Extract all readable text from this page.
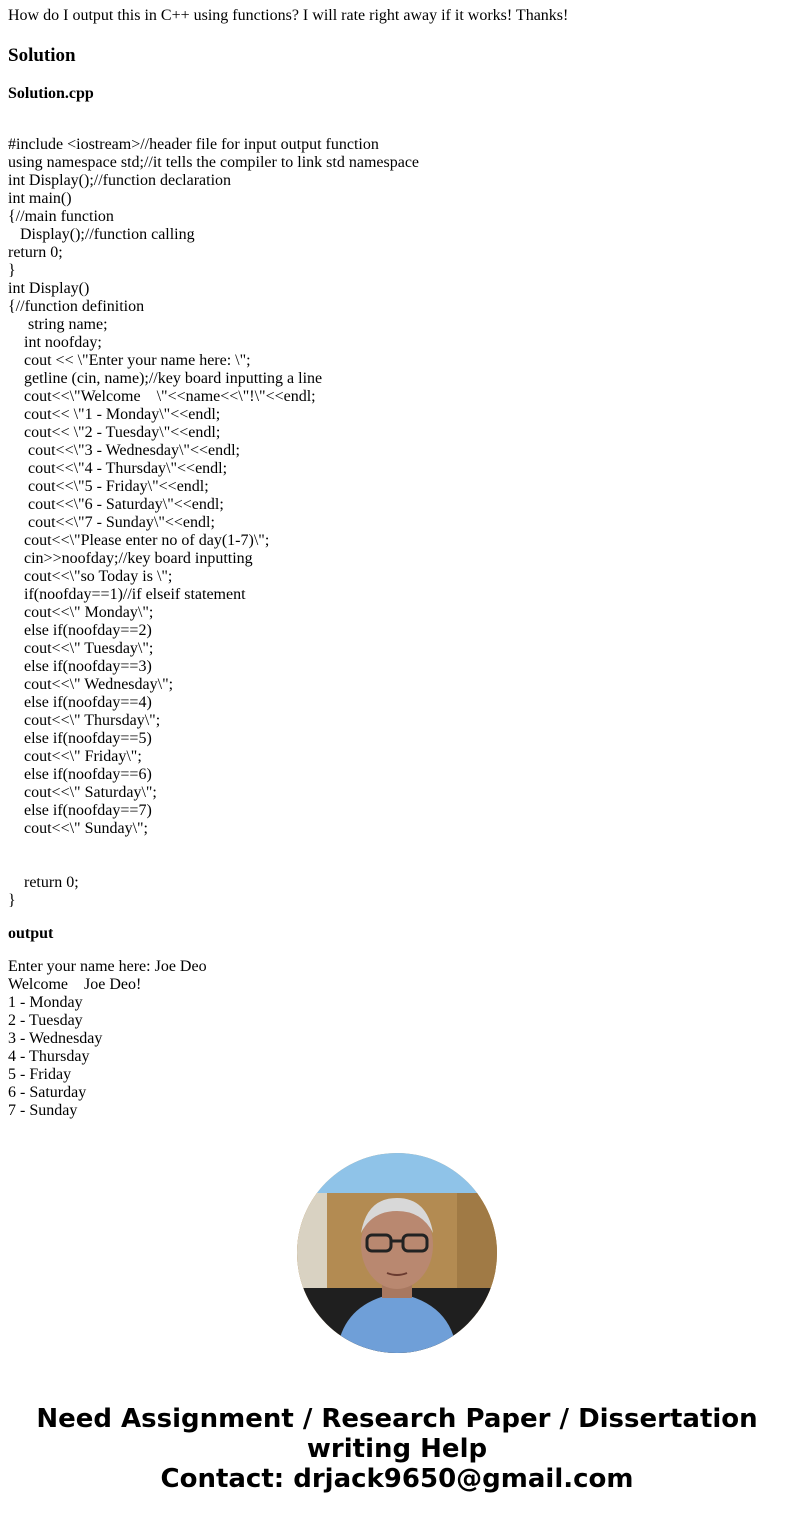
How do I output this in C++ using functions? I will rate right away if it works! Thanks!
Solution
Solution.cpp
#include <iostream>//header file for input output function
using namespace std;//it tells the compiler to link std namespace
int Display();//function declaration
int main()
{//main function
Display();//function calling
return 0;
}
int Display()
{//function definition
string name;
int noofday;
cout << \"Enter your name here: \";
getline (cin, name);//key board inputting a line
cout<<\"Welcome    \"<<name<<\"!\"<<endl;
cout<< \"1 - Monday\"<<endl;
cout<< \"2 - Tuesday\"<<endl;
cout<<\"3 - Wednesday\"<<endl;
cout<<\"4 - Thursday\"<<endl;
cout<<\"5 - Friday\"<<endl;
cout<<\"6 - Saturday\"<<endl;
cout<<\"7 - Sunday\"<<endl;
cout<<\"Please enter no of day(1-7)\";
cin>>noofday;//key board inputting
cout<<\"so Today is \";
if(noofday==1)//if elseif statement
cout<<\" Monday\";
else if(noofday==2)
cout<<\" Tuesday\";
else if(noofday==3)
cout<<\" Wednesday\";
else if(noofday==4)
cout<<\" Thursday\";
else if(noofday==5)
cout<<\" Friday\";
else if(noofday==6)
cout<<\" Saturday\";
else if(noofday==7)
cout<<\" Sunday\";
return 0;
}
output
Enter your name here: Joe Deo
Welcome    Joe Deo!
1 - Monday
2 - Tuesday
3 - Wednesday
4 - Thursday
5 - Friday
6 - Saturday
7 - Sunday
Need Assignment / Research Paper / Dissertation
writing Help
Contact: drjack9650@gmail.com
